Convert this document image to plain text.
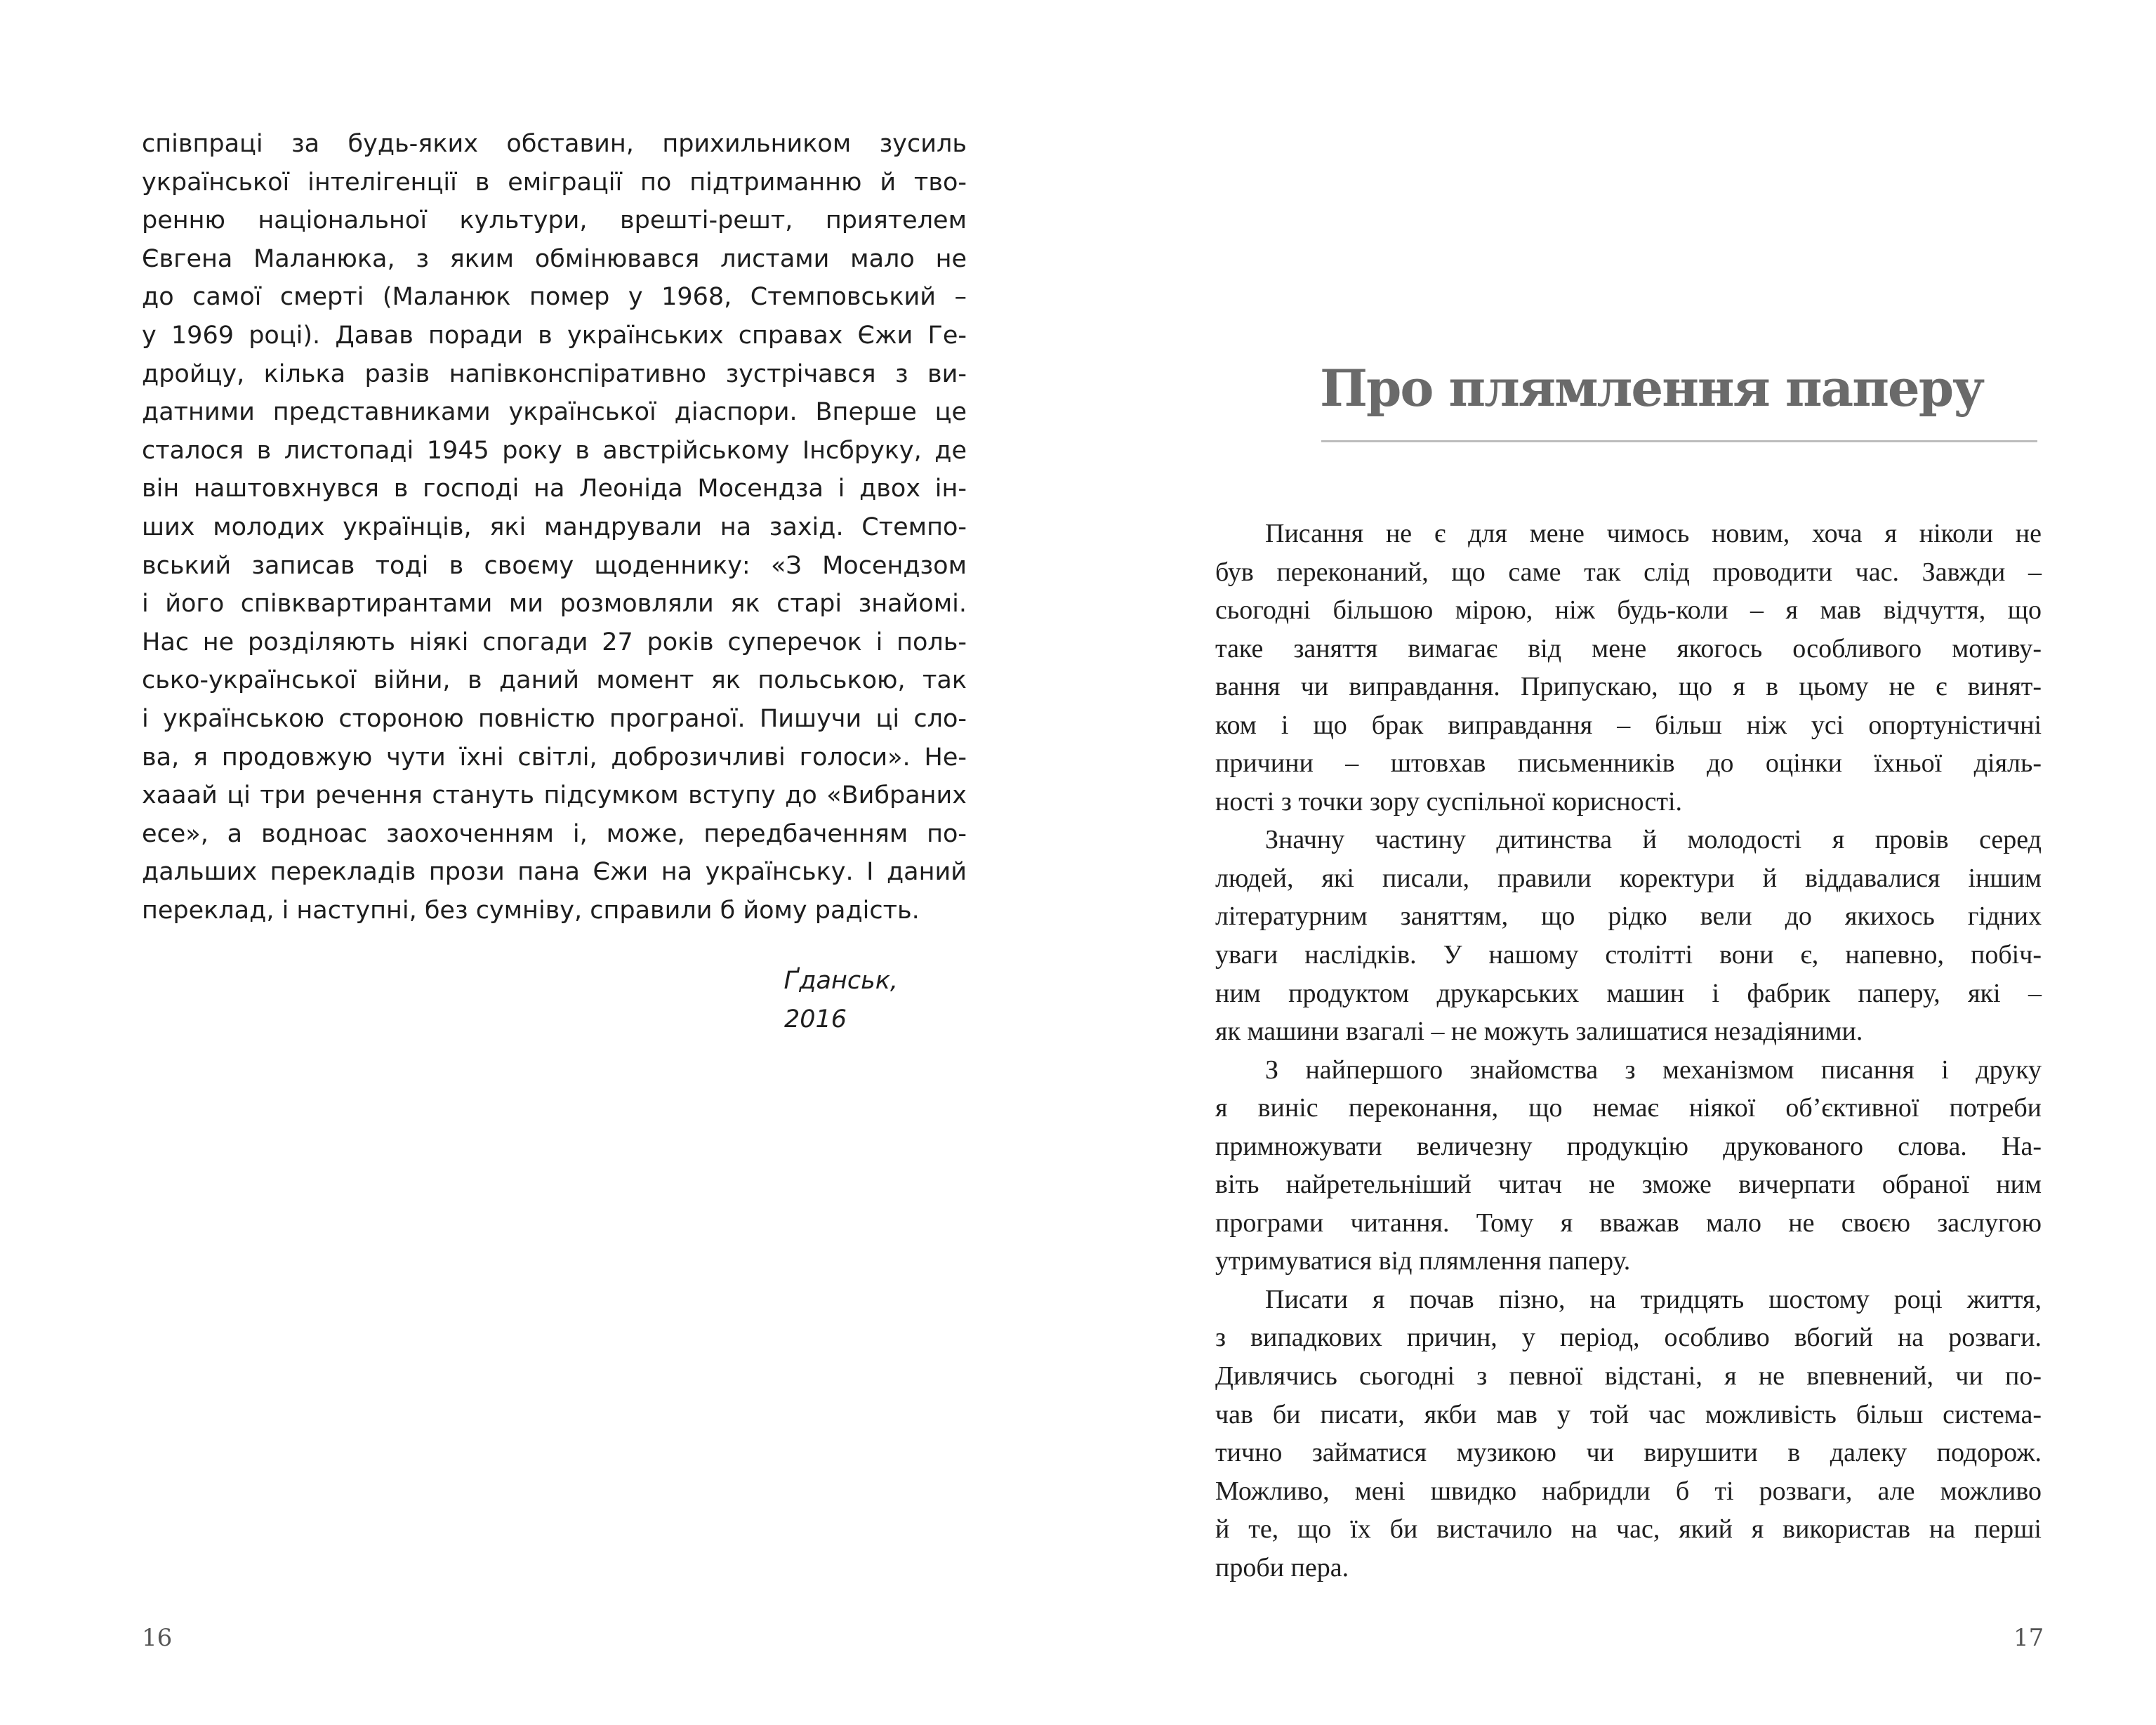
співпраці за будь-яких обставин, прихильником зусиль
української інтелігенції в еміграції по підтриманню й тво-
ренню національної культури, врешті-решт, приятелем
Євгена Маланюка, з яким обмінювався листами мало не
до самої смерті (Маланюк помер у 1968, Стемповський –
у 1969 році). Давав поради в українських справах Єжи Ге-
дройцу, кілька разів напівконспіративно зустрічався з ви-
датними представниками української діаспори. Вперше це
сталося в листопаді 1945 року в австрійському Інсбруку, де
він наштовхнувся в господі на Леоніда Мосендза і двох ін-
ших молодих українців, які мандрували на захід. Стемпо-
вський записав тоді в своєму щоденнику: «З Мосендзом
і його співквартирантами ми розмовляли як старі знайомі.
Нас не розділяють ніякі спогади 27 років суперечок і поль-
сько-української війни, в даний момент як польською, так
і українською стороною повністю програної. Пишучи ці сло-
ва, я продовжую чути їхні світлі, доброзичливі голоси». Не-
хааай ці три речення стануть підсумком вступу до «Вибраних
есе», а водноас заохоченням і, може, передбаченням по-
дальших перекладів прози пана Єжи на українську. І даний
переклад, і наступні, без сумніву, справили б йому радість.
Ґданськ,
2016
16
Про плямлення паперу
Писання не є для мене чимось новим, хоча я ніколи не
був переконаний, що саме так слід проводити час. Завжди –
сьогодні більшою мірою, ніж будь-коли – я мав відчуття, що
таке заняття вимагає від мене якогось особливого мотиву-
вання чи виправдання. Припускаю, що я в цьому не є винят-
ком і що брак виправдання – більш ніж усі опортуністичні
причини – штовхав письменників до оцінки їхньої діяль-
ності з точки зору суспільної корисності.
Значну частину дитинства й молодості я провів серед
людей, які писали, правили коректури й віддавалися іншим
літературним заняттям, що рідко вели до якихось гідних
уваги наслідків. У нашому столітті вони є, напевно, побіч-
ним продуктом друкарських машин і фабрик паперу, які –
як машини взагалі – не можуть залишатися незадіяними.
З найпершого знайомства з механізмом писання і друку
я виніс переконання, що немає ніякої об’єктивної потреби
примножувати величезну продукцію друкованого слова. На-
віть найретельніший читач не зможе вичерпати обраної ним
програми читання. Тому я вважав мало не своєю заслугою
утримуватися від плямлення паперу.
Писати я почав пізно, на тридцять шостому році життя,
з випадкових причин, у період, особливо вбогий на розваги.
Дивлячись сьогодні з певної відстані, я не впевнений, чи по-
чав би писати, якби мав у той час можливість більш система-
тично займатися музикою чи вирушити в далеку подорож.
Можливо, мені швидко набридли б ті розваги, але можливо
й те, що їх би вистачило на час, який я використав на перші
проби пера.
17
